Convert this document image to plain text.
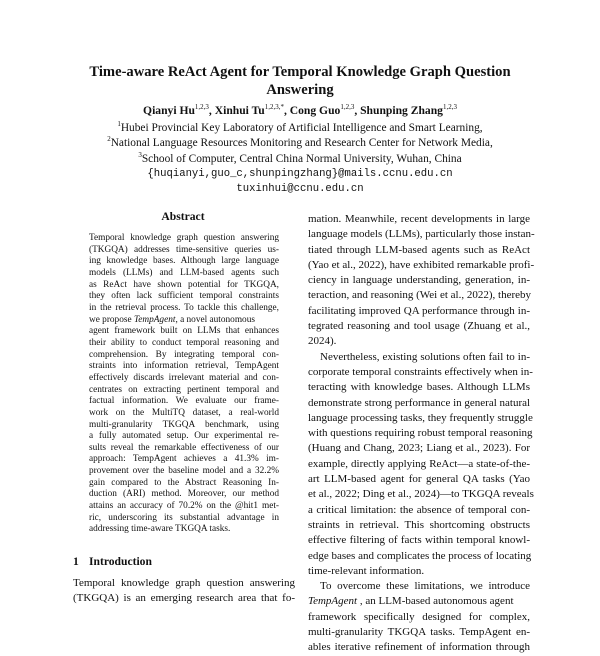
Time-aware ReAct Agent for Temporal Knowledge Graph Question
Answering
Qianyi Hu$^{1,2,3}$, Xinhui $Tu^{1,2,3,*}$, Cong Guo$^{1,2,3}$, Shunping Zhang$^{1,2,3}$
$^1$Hubei Provincial Key Laboratory of Artificial Intelligence and Smart Learning,
$^2$National Language Resources Monitoring and Research Center for Network Media,
$^3$School of Computer, Central China Normal University, Wuhan, China
{huqianyi,guo_c,shunpingzhang}@mails.ccnu.edu.cn
tuxinhui@ccnu.edu.cn
Abstract
Temporal knowledge graph question answering
(TKGQA) addresses time-sensitive queries us-
ing knowledge bases. Although large language
models (LLMs) and LLM-based agents such
as ReAct have shown potential for TKGQA,
they often lack sufficient temporal constraints
in the retrieval process. To tackle this challenge,
we propose TempAgent, a novel autonomous
agent framework built on LLMs that enhances
their ability to conduct temporal reasoning and
comprehension. By integrating temporal con-
straints into information retrieval, TempAgent
effectively discards irrelevant material and con-
centrates on extracting pertinent temporal and
factual information. We evaluate our frame-
work on the MultiTQ dataset, a real-world
multi-granularity TKGQA benchmark, using
a fully automated setup. Our experimental re-
sults reveal the remarkable effectiveness of our
approach: TempAgent achieves a 41.3% im-
provement over the baseline model and a 32.2%
gain compared to the Abstract Reasoning In-
duction (ARI) method. Moreover, our method
attains an accuracy of 70.2% on the @hit1 met-
ric, underscoring its substantial advantage in
addressing time-aware TKGQA tasks.
1 Introduction
Temporal knowledge graph question answering
(TKGQA) is an emerging research area that fo-
mation. Meanwhile, recent developments in large
language models (LLMs), particularly those instan-
tiated through LLM-based agents such as ReAct
(Yao et al., 2022), have exhibited remarkable profi-
ciency in language understanding, generation, in-
teraction, and reasoning (Wei et al., 2022), thereby
facilitating improved QA performance through in-
tegrated reasoning and tool usage (Zhuang et al.,
2024).
Nevertheless, existing solutions often fail to in-
corporate temporal constraints effectively when in-
teracting with knowledge bases. Although LLMs
demonstrate strong performance in general natural
language processing tasks, they frequently struggle
with questions requiring robust temporal reasoning
(Huang and Chang, 2023; Liang et al., 2023). For
example, directly applying ReAct—a state-of-the-
art LLM-based agent for general QA tasks (Yao
et al., 2022; Ding et al., 2024)—to TKGQA reveals
a critical limitation: the absence of temporal con-
straints in retrieval. This shortcoming obstructs
effective filtering of facts within temporal knowl-
edge bases and complicates the process of locating
time-relevant information.
To overcome these limitations, we introduce
TempAgent , an LLM-based autonomous agent
framework specifically designed for complex,
multi-granularity TKGQA tasks. TempAgent en-
ables iterative refinement of information through
